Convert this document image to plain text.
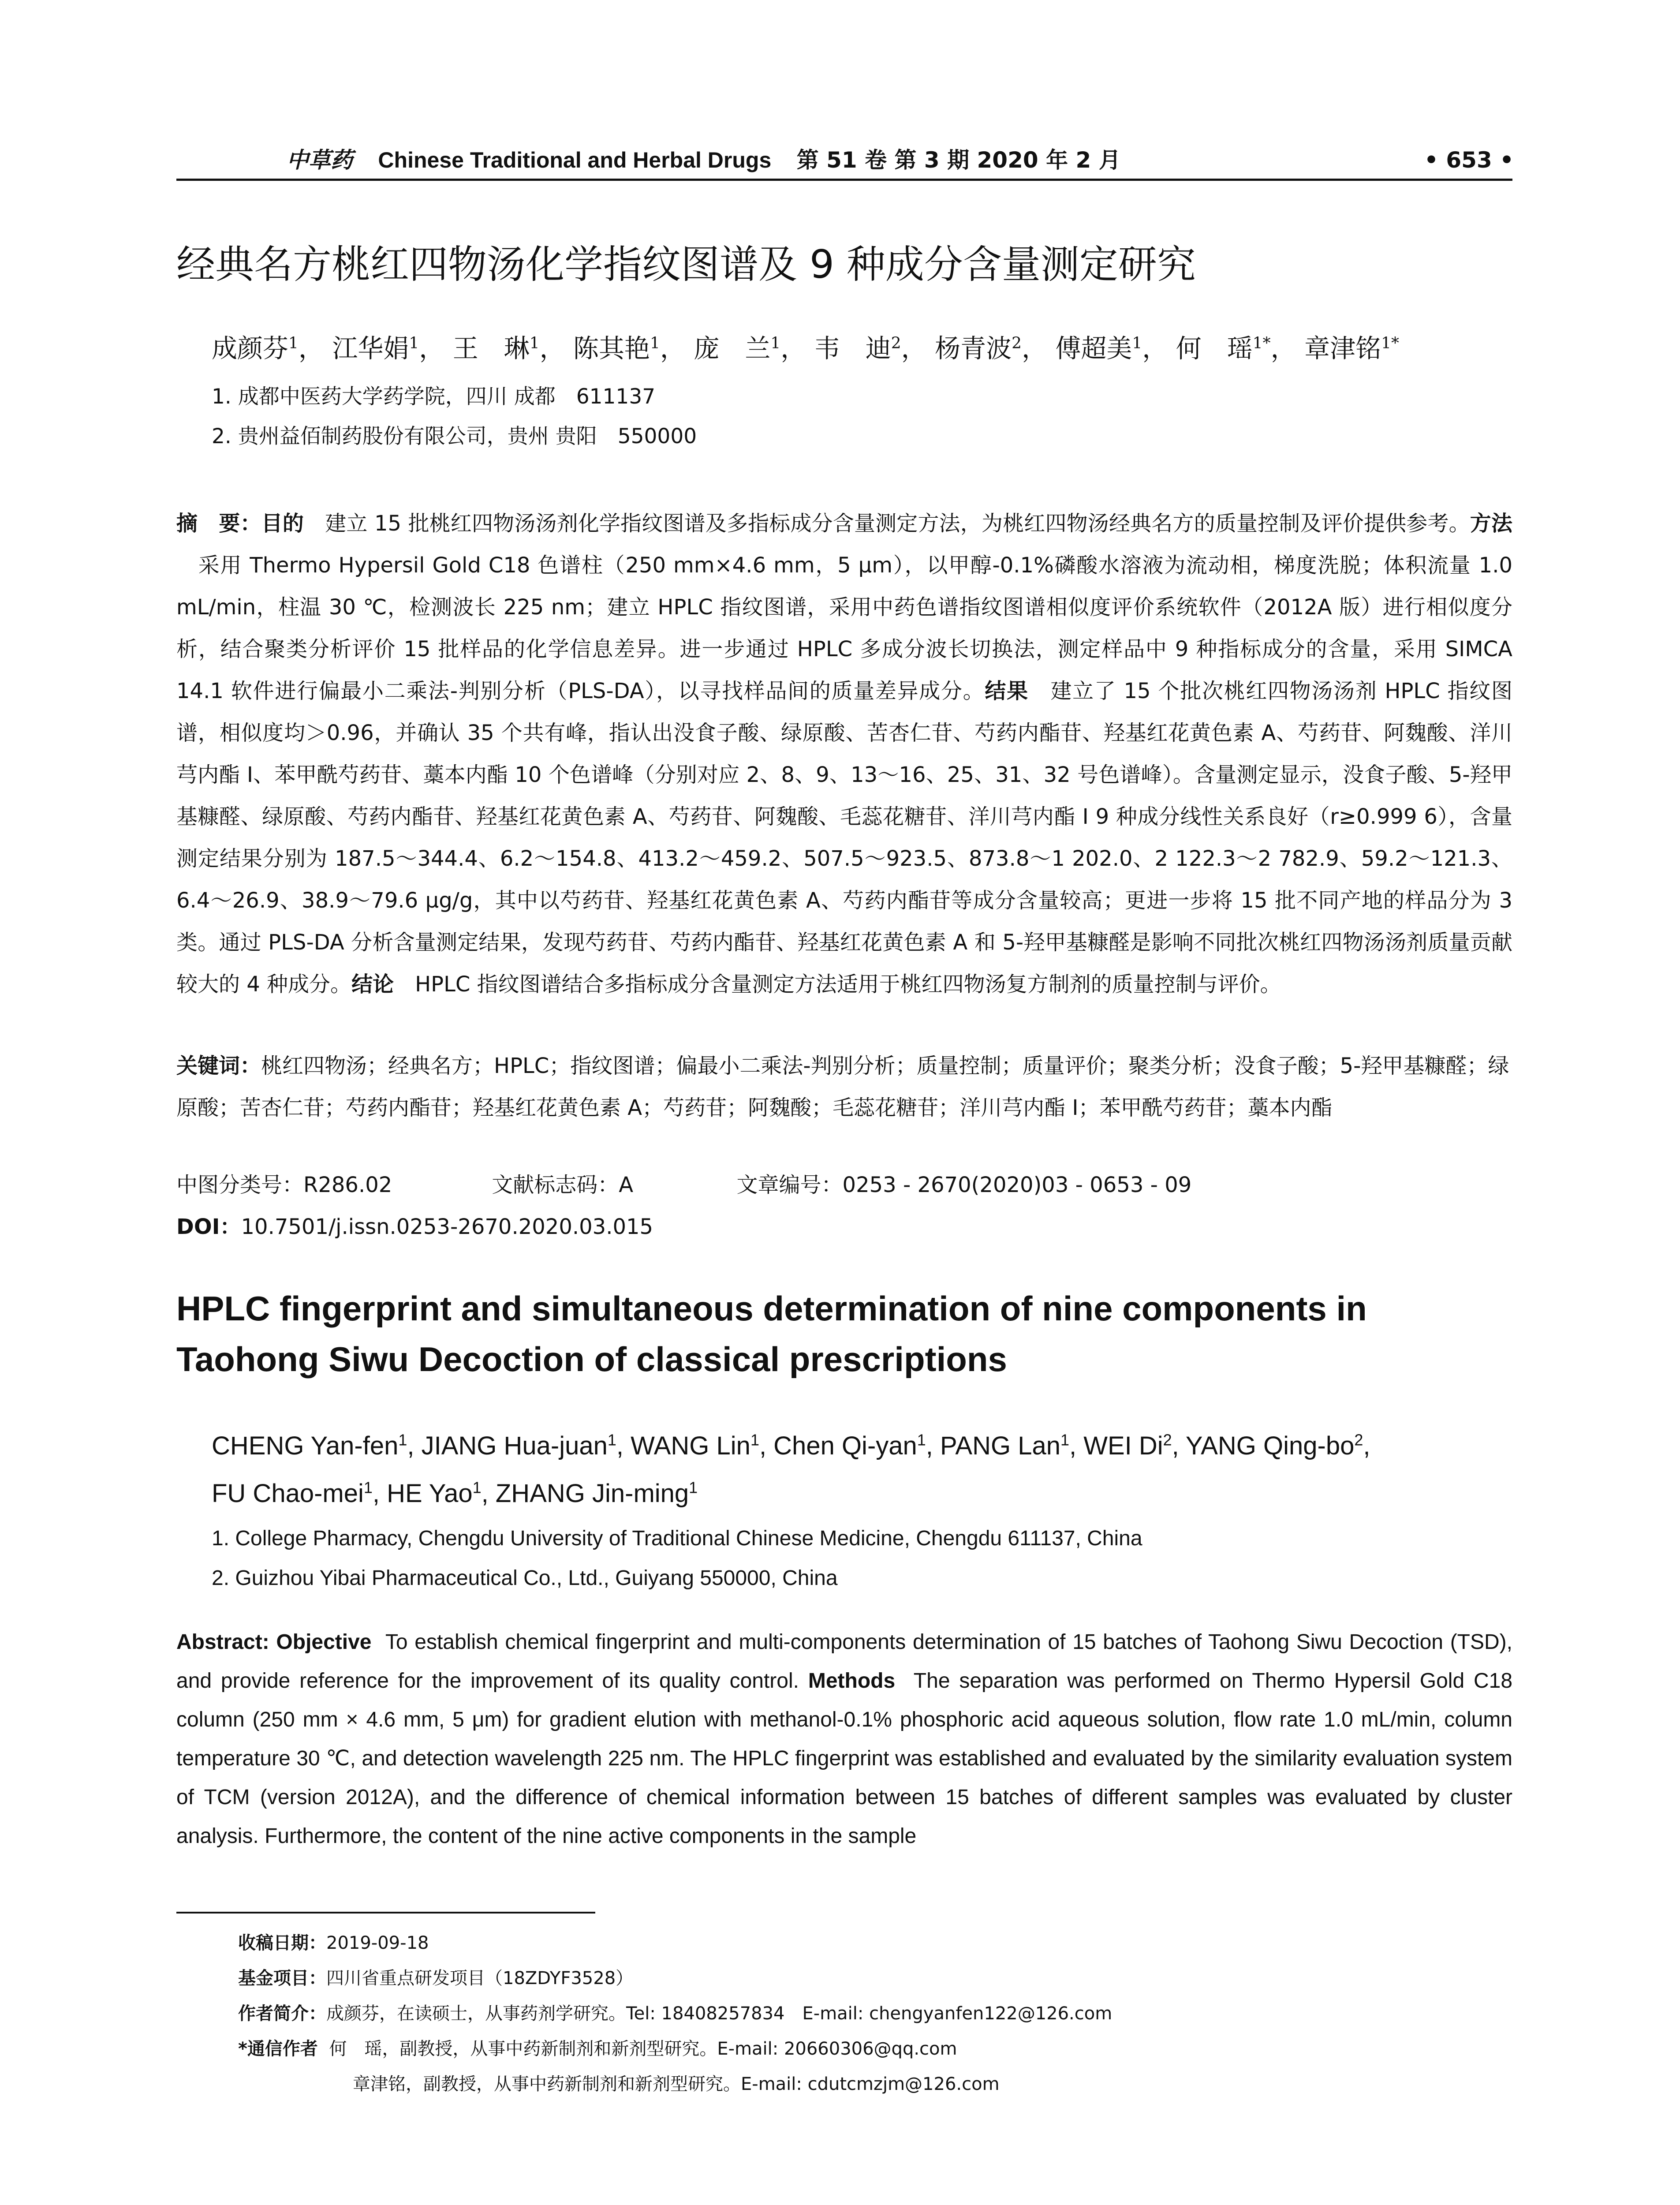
中草药 Chinese Traditional and Herbal Drugs 第 51 卷 第 3 期 2020 年 2 月	• 653 •
经典名方桃红四物汤化学指纹图谱及 9 种成分含量测定研究
成颜芬$^1$， 江华娟$^1$， 王　琳$^1$， 陈其艳$^1$， 庞　兰$^1$， 韦　迪$^2$， 杨青波$^2$， 傅超美$^1$， 何　瑶$^{1*}$， 章津铭$^{1*}$
1. 成都中医药大学药学院，四川 成都　611137
2. 贵州益佰制药股份有限公司，贵州 贵阳　550000
摘　要：目的 建立 15 批桃红四物汤汤剂化学指纹图谱及多指标成分含量测定方法，为桃红四物汤经典名方的质量控制及评价提供参考。方法采用 Thermo Hypersil Gold C18 色谱柱（250 mm×4.6 mm，5 μm），以甲醇-0.1%磷酸水溶液为流动相，梯度洗脱；体积流量 1.0 mL/min，柱温 30 ℃，检测波长 225 nm；建立 HPLC 指纹图谱，采用中药色谱指纹图谱相似度评价系统软件（2012A 版）进行相似度分析，结合聚类分析评价 15 批样品的化学信息差异。进一步通过 HPLC 多成分波长切换法，测定样品中 9 种指标成分的含量，采用 SIMCA 14.1 软件进行偏最小二乘法-判别分析（PLS-DA），以寻找样品间的质量差异成分。结果 建立了 15 个批次桃红四物汤汤剂 HPLC 指纹图谱，相似度均＞0.96，并确认 35 个共有峰，指认出没食子酸、绿原酸、苦杏仁苷、芍药内酯苷、羟基红花黄色素 A、芍药苷、阿魏酸、洋川芎内酯 I、苯甲酰芍药苷、藁本内酯 10 个色谱峰（分别对应 2、8、9、13～16、25、31、32 号色谱峰）。含量测定显示，没食子酸、5-羟甲基糠醛、绿原酸、芍药内酯苷、羟基红花黄色素 A、芍药苷、阿魏酸、毛蕊花糖苷、洋川芎内酯 I 9 种成分线性关系良好（r≥0.999 6），含量测定结果分别为 187.5～344.4、6.2～154.8、413.2～459.2、507.5～923.5、873.8～1 202.0、2 122.3～2 782.9、59.2～121.3、6.4～26.9、38.9～79.6 μg/g，其中以芍药苷、羟基红花黄色素 A、芍药内酯苷等成分含量较高；更进一步将 15 批不同产地的样品分为 3 类。通过 PLS-DA 分析含量测定结果，发现芍药苷、芍药内酯苷、羟基红花黄色素 A 和 5-羟甲基糠醛是影响不同批次桃红四物汤汤剂质量贡献较大的 4 种成分。结论 HPLC 指纹图谱结合多指标成分含量测定方法适用于桃红四物汤复方制剂的质量控制与评价。
关键词：桃红四物汤；经典名方；HPLC；指纹图谱；偏最小二乘法-判别分析；质量控制；质量评价；聚类分析；没食子酸；5-羟甲基糠醛；绿原酸；苦杏仁苷；芍药内酯苷；羟基红花黄色素 A；芍药苷；阿魏酸；毛蕊花糖苷；洋川芎内酯 I；苯甲酰芍药苷；藁本内酯
中图分类号：R286.02	文献标志码：A	文章编号：0253 - 2670(2020)03 - 0653 - 09
DOI：10.7501/j.issn.0253-2670.2020.03.015
HPLC fingerprint and simultaneous determination of nine components in Taohong Siwu Decoction of classical prescriptions
CHENG Yan-fen$^1$, JIANG Hua-juan$^1$, WANG Lin$^1$, Chen Qi-yan$^1$, PANG Lan$^1$, WEI Di$^2$, YANG Qing-$bo^2$,
FU Chao-mei$^1$, HE Yao$^1$, ZHANG Jin-ming$^1$
1. College Pharmacy, Chengdu University of Traditional Chinese Medicine, Chengdu 611137, China
2. Guizhou Yibai Pharmaceutical Co., Ltd., Guiyang 550000, China
Abstract: Objective To establish chemical fingerprint and multi-components determination of 15 batches of Taohong Siwu Decoction (TSD), and provide reference for the improvement of its quality control. Methods The separation was performed on Thermo Hypersil Gold C18 column (250 mm × 4.6 mm, 5 μm) for gradient elution with methanol-0.1% phosphoric acid aqueous solution, flow rate 1.0 mL/min, column temperature 30 ℃, and detection wavelength 225 nm. The HPLC fingerprint was established and evaluated by the similarity evaluation system of TCM (version 2012A), and the difference of chemical information between 15 batches of different samples was evaluated by cluster analysis. Furthermore, the content of the nine active components in the sample
收稿日期：2019-09-18
基金项目：四川省重点研发项目（18ZDYF3528）
作者简介：成颜芬，在读硕士，从事药剂学研究。Tel: 18408257834　E-mail: chengyanfen122@126.com
*通信作者 何　瑶，副教授，从事中药新制剂和新剂型研究。E-mail: 20660306@qq.com
章津铭，副教授，从事中药新制剂和新剂型研究。E-mail: cdutcmzjm@126.com
